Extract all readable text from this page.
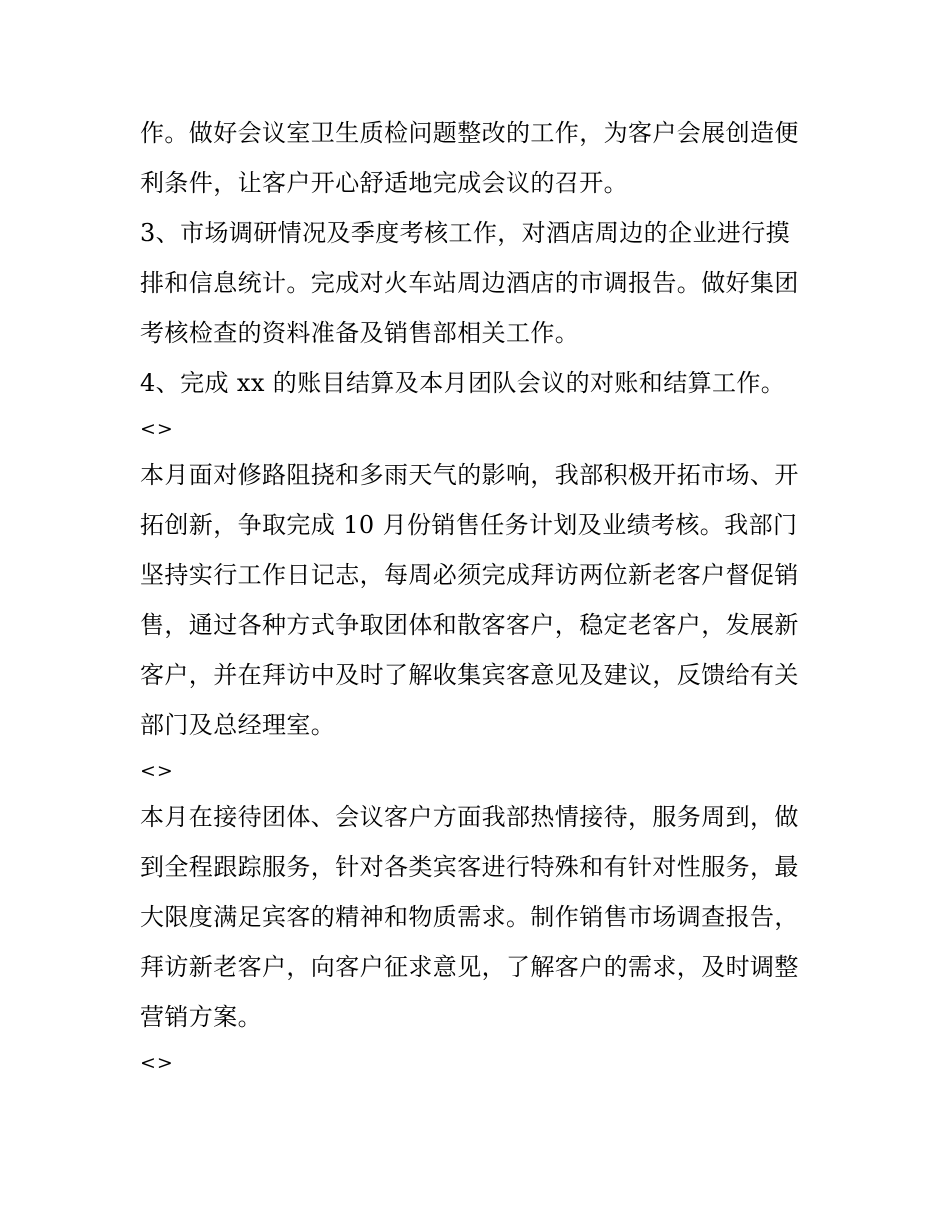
作。做好会议室卫生质检问题整改的工作，为客户会展创造便
利条件，让客户开心舒适地完成会议的召开。
3、市场调研情况及季度考核工作，对酒店周边的企业进行摸
排和信息统计。完成对火车站周边酒店的市调报告。做好集团
考核检查的资料准备及销售部相关工作。
4、完成 xx 的账目结算及本月团队会议的对账和结算工作。
<>
本月面对修路阻挠和多雨天气的影响，我部积极开拓市场、开
拓创新，争取完成 10 月份销售任务计划及业绩考核。我部门
坚持实行工作日记志，每周必须完成拜访两位新老客户督促销
售，通过各种方式争取团体和散客客户，稳定老客户，发展新
客户，并在拜访中及时了解收集宾客意见及建议，反馈给有关
部门及总经理室。
<>
本月在接待团体、会议客户方面我部热情接待，服务周到，做
到全程跟踪服务，针对各类宾客进行特殊和有针对性服务，最
大限度满足宾客的精神和物质需求。制作销售市场调查报告，
拜访新老客户，向客户征求意见，了解客户的需求，及时调整
营销方案。
<>
